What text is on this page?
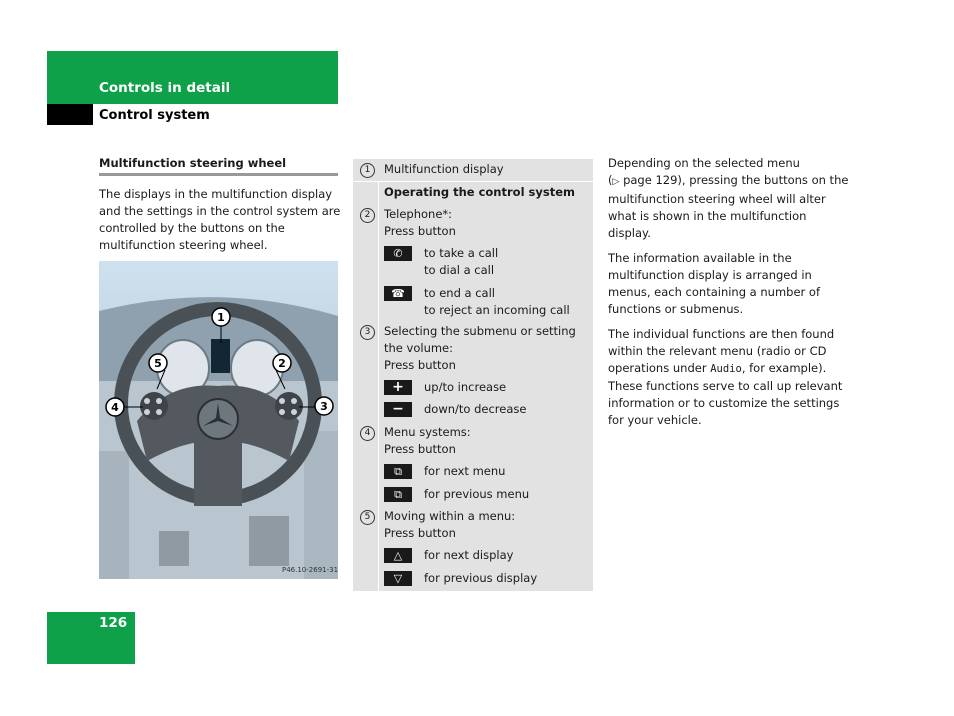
Controls in detail
Control system
Multifunction steering wheel
The displays in the multifunction display and the settings in the control system are controlled by the buttons on the multifunction steering wheel.
1
5	2
4	3
P46.10-2691-31
1	Multifunction display
Operating the control system
2	Telephone*:
Press button
✆	to take a call
to dial a call
☎	to end a call
to reject an incoming call
3	Selecting the submenu or setting
the volume:
Press button
+	up/to increase
−	down/to decrease
4	Menu systems:
Press button
⧉	for next menu
⧉	for previous menu
5	Moving within a menu:
Press button
△	for next display
▽	for previous display

Depending on the selected menu
(▷ page 129), pressing the buttons on the multifunction steering wheel will alter what is shown in the multifunction display.

The information available in the multifunction display is arranged in menus, each containing a number of functions or submenus.

The individual functions are then found within the relevant menu (radio or CD operations under Audio, for example). These functions serve to call up relevant information or to customize the settings for your vehicle.

126
